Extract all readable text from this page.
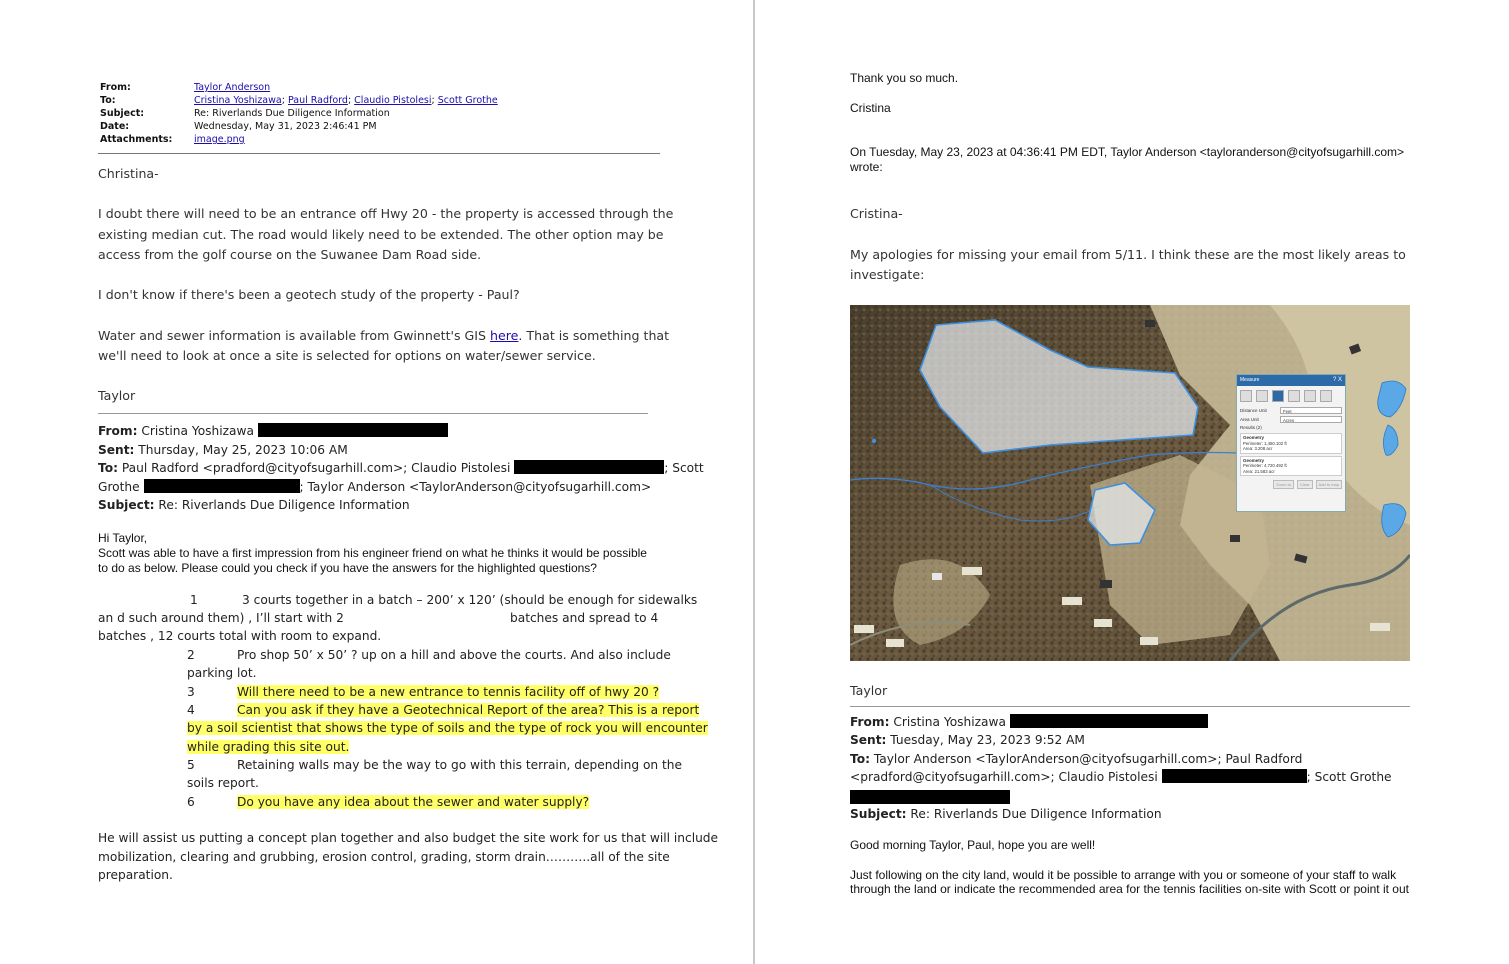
From:	Taylor Anderson
To:	Cristina Yoshizawa; Paul Radford; Claudio Pistolesi; Scott Grothe
Subject:	Re: Riverlands Due Diligence Information
Date:	Wednesday, May 31, 2023 2:46:41 PM
Attachments: image.png
Christina-
I doubt there will need to be an entrance off Hwy 20 - the property is accessed through the
existing median cut. The road would likely need to be extended. The other option may be
access from the golf course on the Suwanee Dam Road side.
I don't know if there's been a geotech study of the property - Paul?
Water and sewer information is available from Gwinnett's GIS here. That is something that
we'll need to look at once a site is selected for options on water/sewer service.
Taylor
From: Cristina Yoshizawa
Sent: Thursday, May 25, 2023 10:06 AM
To: Paul Radford <pradford@cityofsugarhill.com>; Claudio Pistolesi	; Scott
Grothe	; Taylor Anderson <TaylorAnderson@cityofsugarhill.com>
Subject: Re: Riverlands Due Diligence Information
Hi Taylor,
Scott was able to have a first impression from his engineer friend on what he thinks it would be possible
to do as below. Please could you check if you have the answers for the highlighted questions?
1	3 courts together in a batch – 200’ x 120’ (should be enough for sidewalks
an d such around them) , I’ll start with 2	batches and spread to 4
batches , 12 courts total with room to expand.
2	Pro shop 50’ x 50’ ? up on a hill and above the courts. And also include
parking lot.
3	Will there need to be a new entrance to tennis facility off of hwy 20 ?
4	Can you ask if they have a Geotechnical Report of the area? This is a report
by a soil scientist that shows the type of soils and the type of rock you will encounter
while grading this site out.
5	Retaining walls may be the way to go with this terrain, depending on the
soils report.
6	Do you have any idea about the sewer and water supply?
He will assist us putting a concept plan together and also budget the site work for us that will include
mobilization, clearing and grubbing, erosion control, grading, storm drain………..all of the site
preparation.
Thank you so much.
Cristina
On Tuesday, May 23, 2023 at 04:36:41 PM EDT, Taylor Anderson <tayloranderson@cityofsugarhill.com>
wrote:
Cristina-
My apologies for missing your email from 5/11. I think these are the most likely areas to
investigate:
Measure	? X
Distance Unit	Feet
Area Unit	Acres
Results (2)
Geometry
Perimeter: 1,450.102 ft
Area: 3.208 acr
Geometry
Perimeter: 4,720.492 ft
Area: 21.583 acr
Zoom to	Clear	Add to map
Taylor
From: Cristina Yoshizawa
Sent: Tuesday, May 23, 2023 9:52 AM
To: Taylor Anderson <TaylorAnderson@cityofsugarhill.com>; Paul Radford
<pradford@cityofsugarhill.com>; Claudio Pistolesi	; Scott Grothe
Subject: Re: Riverlands Due Diligence Information
Good morning Taylor, Paul, hope you are well!
Just following on the city land, would it be possible to arrange with you or someone of your staff to walk
through the land or indicate the recommended area for the tennis facilities on-site with Scott or point it out
